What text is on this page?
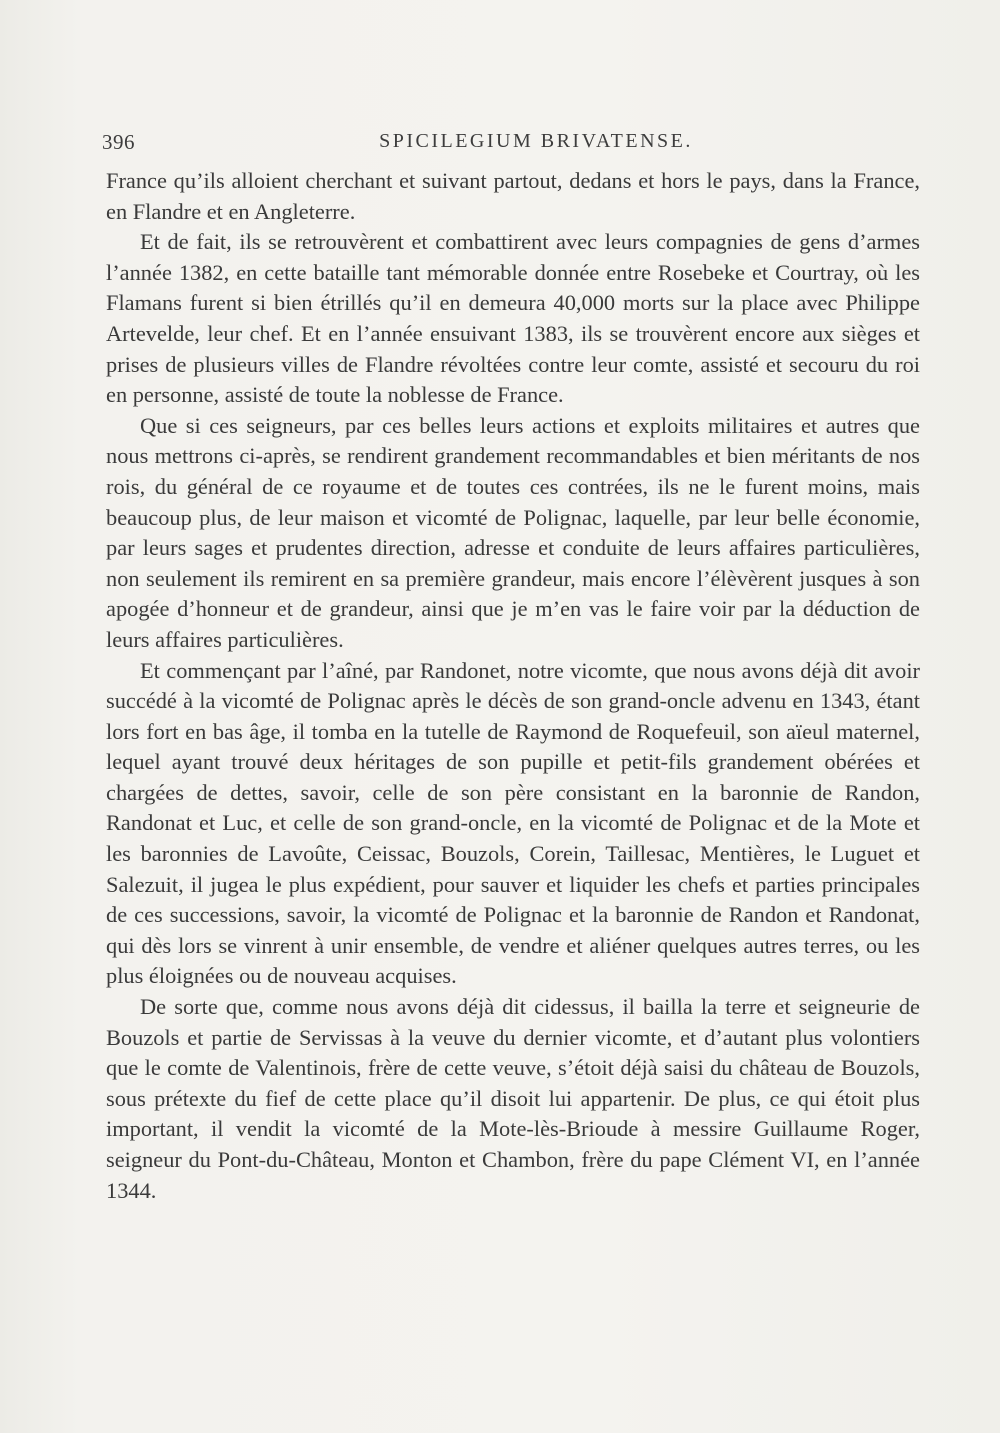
396	SPICILEGIUM BRIVATENSE.

France qu’ils alloient cherchant et suivant partout, dedans et hors le pays, dans la France, en Flandre et en Angleterre.

Et de fait, ils se retrouvèrent et combattirent avec leurs compagnies de gens d’armes l’année 1382, en cette bataille tant mémorable donnée entre Rosebeke et Courtray, où les Flamans furent si bien étrillés qu’il en demeura 40,000 morts sur la place avec Philippe Artevelde, leur chef. Et en l’année ensuivant 1383, ils se trouvèrent encore aux sièges et prises de plusieurs villes de Flandre révoltées contre leur comte, assisté et secouru du roi en personne, assisté de toute la noblesse de France.

Que si ces seigneurs, par ces belles leurs actions et exploits militaires et autres que nous mettrons ci-après, se rendirent grandement recommandables et bien méritants de nos rois, du général de ce royaume et de toutes ces contrées, ils ne le furent moins, mais beaucoup plus, de leur maison et vicomté de Polignac, laquelle, par leur belle économie, par leurs sages et prudentes direction, adresse et conduite de leurs affaires particulières, non seulement ils remirent en sa première grandeur, mais encore l’élèvèrent jusques à son apogée d’honneur et de grandeur, ainsi que je m’en vas le faire voir par la déduction de leurs affaires particulières.

Et commençant par l’aîné, par Randonet, notre vicomte, que nous avons déjà dit avoir succédé à la vicomté de Polignac après le décès de son grand-oncle advenu en 1343, étant lors fort en bas âge, il tomba en la tutelle de Raymond de Roquefeuil, son aïeul maternel, lequel ayant trouvé deux héritages de son pupille et petit-fils grandement obérées et chargées de dettes, savoir, celle de son père consistant en la baronnie de Randon, Randonat et Luc, et celle de son grand-oncle, en la vicomté de Polignac et de la Mote et les baronnies de Lavoûte, Ceissac, Bouzols, Corein, Taillesac, Mentières, le Luguet et Salezuit, il jugea le plus expédient, pour sauver et liquider les chefs et parties principales de ces successions, savoir, la vicomté de Polignac et la baronnie de Randon et Randonat, qui dès lors se vinrent à unir ensemble, de vendre et aliéner quelques autres terres, ou les plus éloignées ou de nouveau acquises.

De sorte que, comme nous avons déjà dit cidessus, il bailla la terre et seigneurie de Bouzols et partie de Servissas à la veuve du dernier vicomte, et d’autant plus volontiers que le comte de Valentinois, frère de cette veuve, s’étoit déjà saisi du château de Bouzols, sous prétexte du fief de cette place qu’il disoit lui appartenir. De plus, ce qui étoit plus important, il vendit la vicomté de la Mote-lès-Brioude à messire Guillaume Roger, seigneur du Pont-du-Château, Monton et Chambon, frère du pape Clément VI, en l’année 1344.
